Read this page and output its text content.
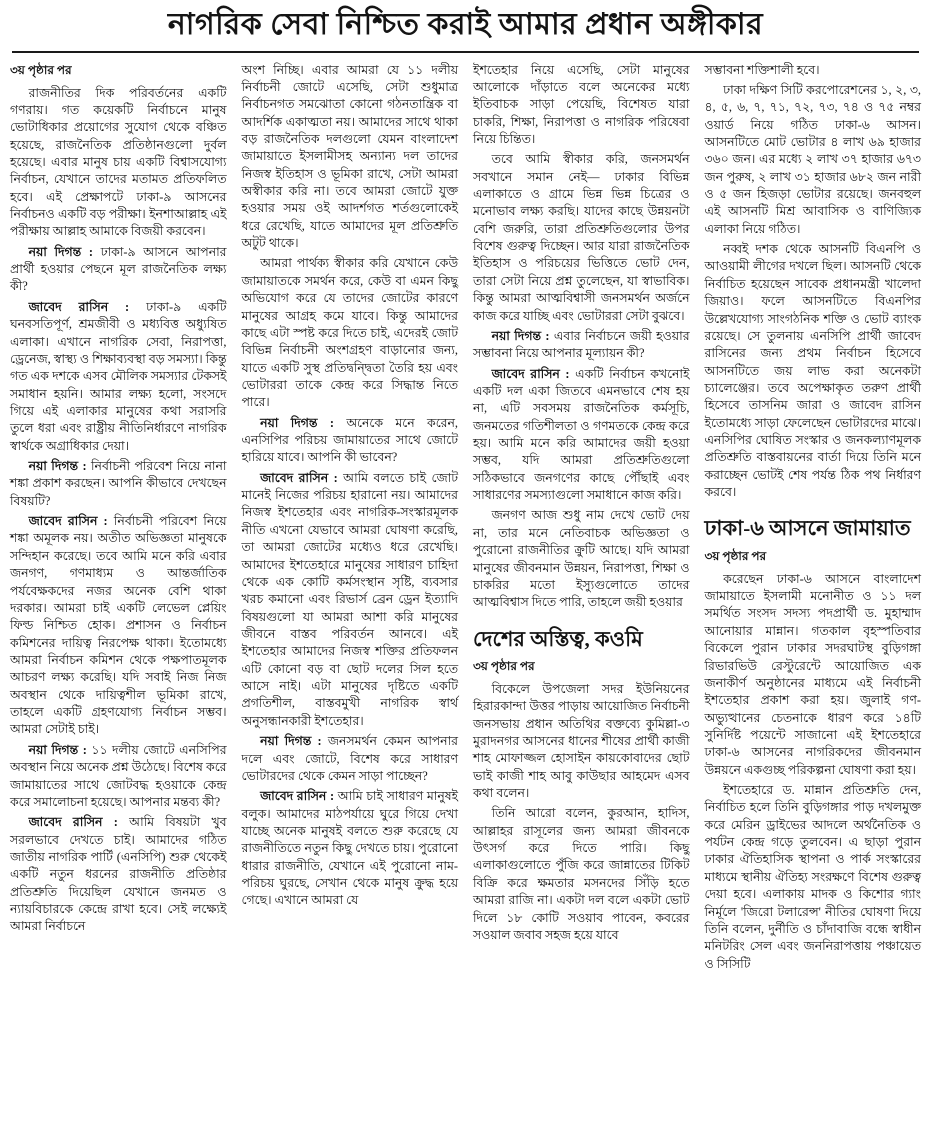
নাগরিক সেবা নিশ্চিত করাই আমার প্রধান অঙ্গীকার

৩য় পৃষ্ঠার পর

রাজনীতির দিক পরিবর্তনের একটি গণরায়। গত কয়েকটি নির্বাচনে মানুষ ভোটাধিকার প্রয়োগের সুযোগ থেকে বঞ্চিত হয়েছে, রাজনৈতিক প্রতিষ্ঠানগুলো দুর্বল হয়েছে। এবার মানুষ চায় একটি বিশ্বাসযোগ্য নির্বাচন, যেখানে তাদের মতামত প্রতিফলিত হবে। এই প্রেক্ষাপটে ঢাকা-৯ আসনের নির্বাচনও একটি বড় পরীক্ষা। ইনশাআল্লাহ এই পরীক্ষায় আল্লাহ আমাকে বিজয়ী করবেন।

নয়া দিগন্ত : ঢাকা-৯ আসনে আপনার প্রার্থী হওয়ার পেছনে মূল রাজনৈতিক লক্ষ্য কী?

জাবেদ রাসিন : ঢাকা-৯ একটি ঘনবসতিপূর্ণ, শ্রমজীবী ও মধ্যবিত্ত অধ্যুষিত এলাকা। এখানে নাগরিক সেবা, নিরাপত্তা, ড্রেনেজ, স্বাস্থ্য ও শিক্ষাব্যবস্থা বড় সমস্যা। কিন্তু গত এক দশকে এসব মৌলিক সমস্যার টেকসই সমাধান হয়নি। আমার লক্ষ্য হলো, সংসদে গিয়ে এই এলাকার মানুষের কথা সরাসরি তুলে ধরা এবং রাষ্ট্রীয় নীতিনির্ধারণে নাগরিক স্বার্থকে অগ্রাধিকার দেয়া।

নয়া দিগন্ত : নির্বাচনী পরিবেশ নিয়ে নানা শঙ্কা প্রকাশ করছেন। আপনি কীভাবে দেখছেন বিষয়টি?

জাবেদ রাসিন : নির্বাচনী পরিবেশ নিয়ে শঙ্কা অমূলক নয়। অতীত অভিজ্ঞতা মানুষকে সন্দিহান করেছে। তবে আমি মনে করি এবার জনগণ, গণমাধ্যম ও আন্তর্জাতিক পর্যবেক্ষকদের নজর অনেক বেশি থাকা দরকার। আমরা চাই একটি লেভেল প্লেয়িং ফিল্ড নিশ্চিত হোক। প্রশাসন ও নির্বাচন কমিশনের দায়িত্ব নিরপেক্ষ থাকা। ইতোমধ্যে আমরা নির্বাচন কমিশন থেকে পক্ষপাতমূলক আচরণ লক্ষ্য করেছি। যদি সবাই নিজ নিজ অবস্থান থেকে দায়িত্বশীল ভূমিকা রাখে, তাহলে একটি গ্রহণযোগ্য নির্বাচন সম্ভব। আমরা সেটাই চাই।

নয়া দিগন্ত : ১১ দলীয় জোটে এনসিপির অবস্থান নিয়ে অনেক প্রশ্ন উঠেছে। বিশেষ করে জামায়াতের সাথে জোটবদ্ধ হওয়াকে কেন্দ্র করে সমালোচনা হয়েছে। আপনার মন্তব্য কী?

জাবেদ রাসিন : আমি বিষয়টা খুব সরলভাবে দেখতে চাই। আমাদের গঠিত জাতীয় নাগরিক পার্টি (এনসিপি) শুরু থেকেই একটি নতুন ধরনের রাজনীতি প্রতিষ্ঠার প্রতিশ্রুতি দিয়েছিল যেখানে জনমত ও ন্যায়বিচারকে কেন্দ্রে রাখা হবে। সেই লক্ষ্যেই আমরা নির্বাচনে

অংশ নিচ্ছি। এবার আমরা যে ১১ দলীয় নির্বাচনী জোটে এসেছি, সেটা শুধুমাত্র নির্বাচনগত সমঝোতা কোনো গঠনতান্ত্রিক বা আদর্শিক একাত্মতা নয়। আমাদের সাথে থাকা বড় রাজনৈতিক দলগুলো যেমন বাংলাদেশ জামায়াতে ইসলামীসহ অন্যান্য দল তাদের নিজস্ব ইতিহাস ও ভূমিকা রাখে, সেটা আমরা অস্বীকার করি না। তবে আমরা জোটে যুক্ত হওয়ার সময় ওই আদর্শগত শর্তগুলোকেই ধরে রেখেছি, যাতে আমাদের মূল প্রতিশ্রুতি অটুট থাকে।

আমরা পার্থক্য স্বীকার করি যেখানে কেউ জামায়াতকে সমর্থন করে, কেউ বা এমন কিছু অভিযোগ করে যে তাদের জোটের কারণে মানুষের আগ্রহ কমে যাবে। কিন্তু আমাদের কাছে এটা স্পষ্ট করে দিতে চাই, এদেরই জোট বিভিন্ন নির্বাচনী অংশগ্রহণ বাড়ানোর জন্য, যাতে একটি সুস্থ প্রতিদ্বন্দ্বিতা তৈরি হয় এবং ভোটাররা তাকে কেন্দ্র করে সিদ্ধান্ত নিতে পারে।

নয়া দিগন্ত : অনেকে মনে করেন, এনসিপির পরিচয় জামায়াতের সাথে জোটে হারিয়ে যাবে। আপনি কী ভাবেন?

জাবেদ রাসিন : আমি বলতে চাই জোট মানেই নিজের পরিচয় হারানো নয়। আমাদের নিজস্ব ইশতেহার এবং নাগরিক-সংস্কারমূলক নীতি এখনো যেভাবে আমরা ঘোষণা করেছি, তা আমরা জোটের মধ্যেও ধরে রেখেছি। আমাদের ইশতেহারে মানুষের সাধারণ চাহিদা থেকে এক কোটি কর্মসংস্থান সৃষ্টি, ব্যবসার খরচ কমানো এবং রিভার্স ব্রেন ড্রেন ইত্যাদি বিষয়গুলো যা আমরা আশা করি মানুষের জীবনে বাস্তব পরিবর্তন আনবে। এই ইশতেহার আমাদের নিজস্ব শক্তির প্রতিফলন এটি কোনো বড় বা ছোট দলের সিল হতে আসে নাই। এটা মানুষের দৃষ্টিতে একটি প্রগতিশীল, বাস্তবমুখী নাগরিক স্বার্থ অনুসন্ধানকারী ইশতেহার।

নয়া দিগন্ত : জনসমর্থন কেমন আপনার দলে এবং জোটে, বিশেষ করে সাধারণ ভোটারদের থেকে কেমন সাড়া পাচ্ছেন?

জাবেদ রাসিন : আমি চাই সাধারণ মানুষই বলুক। আমাদের মাঠপর্যায়ে ঘুরে গিয়ে দেখা যাচ্ছে অনেক মানুষই বলতে শুরু করেছে যে রাজনীতিতে নতুন কিছু দেখতে চায়। পুরোনো ধারার রাজনীতি, যেখানে এই পুরোনো নাম-পরিচয় ঘুরছে, সেখান থেকে মানুষ ক্রুদ্ধ হয়ে গেছে। এখানে আমরা যে

ইশতেহার নিয়ে এসেছি, সেটা মানুষের আলোকে দাঁড়াতে বলে অনেকের মধ্যে ইতিবাচক সাড়া পেয়েছি, বিশেষত যারা চাকরি, শিক্ষা, নিরাপত্তা ও নাগরিক পরিষেবা নিয়ে চিন্তিত।

তবে আমি স্বীকার করি, জনসমর্থন সবখানে সমান নেই— ঢাকার বিভিন্ন এলাকাতে ও গ্রামে ভিন্ন ভিন্ন চিত্রের ও মনোভাব লক্ষ্য করছি। যাদের কাছে উন্নয়নটা বেশি জরুরি, তারা প্রতিশ্রুতিগুলোর উপর বিশেষ গুরুত্ব দিচ্ছেন। আর যারা রাজনৈতিক ইতিহাস ও পরিচয়ের ভিত্তিতে ভোট দেন, তারা সেটা নিয়ে প্রশ্ন তুলেছেন, যা স্বাভাবিক। কিন্তু আমরা আত্মবিশ্বাসী জনসমর্থন অর্জনে কাজ করে যাচ্ছি এবং ভোটাররা সেটা বুঝবে।

নয়া দিগন্ত : এবার নির্বাচনে জয়ী হওয়ার সম্ভাবনা নিয়ে আপনার মূল্যায়ন কী?

জাবেদ রাসিন : একটি নির্বাচন কখনোই একটি দল একা জিতবে এমনভাবে শেষ হয় না, এটি সবসময় রাজনৈতিক কর্মসূচি, জনমতের গতিশীলতা ও গণমতকে কেন্দ্র করে হয়। আমি মনে করি আমাদের জয়ী হওয়া সম্ভব, যদি আমরা প্রতিশ্রুতিগুলো সঠিকভাবে জনগণের কাছে পৌঁছাই এবং সাধারণের সমস্যাগুলো সমাধানে কাজ করি।

জনগণ আজ শুধু নাম দেখে ভোট দেয় না, তার মনে নেতিবাচক অভিজ্ঞতা ও পুরোনো রাজনীতির ক্রুটি আছে। যদি আমরা মানুষের জীবনমান উন্নয়ন, নিরাপত্তা, শিক্ষা ও চাকরির মতো ইস্যুগুলোতে তাদের আত্মবিশ্বাস দিতে পারি, তাহলে জয়ী হওয়ার

দেশের অস্তিত্ব, কওমি

৩য় পৃষ্ঠার পর

বিকেলে উপজেলা সদর ইউনিয়নের হিরারকান্দা উত্তর পাড়ায় আয়োজিত নির্বাচনী জনসভায় প্রধান অতিথির বক্তব্যে কুমিল্লা-৩ মুরাদনগর আসনের ধানের শীষের প্রার্থী কাজী শাহ মোফাজ্জল হোসাইন কায়কোবাদের ছোট ভাই কাজী শাহ আবু কাউছার আহমেদ এসব কথা বলেন।

তিনি আরো বলেন, কুরআন, হাদিস, আল্লাহর রাসূলের জন্য আমরা জীবনকে উৎসর্গ করে দিতে পারি। কিছু এলাকাগুলোতে পুঁজি করে জান্নাতের টিকিট বিক্রি করে ক্ষমতার মসনদের সিঁড়ি হতে আমরা রাজি না। একটা দল বলে একটা ভোট দিলে ১৮ কোটি সওয়াব পাবেন, কবরের সওয়াল জবাব সহজ হয়ে যাবে

সম্ভাবনা শক্তিশালী হবে।

ঢাকা দক্ষিণ সিটি করপোরেশনের ১, ২, ৩, ৪, ৫, ৬, ৭, ৭১, ৭২, ৭৩, ৭৪ ও ৭৫ নম্বর ওয়ার্ড নিয়ে গঠিত ঢাকা-৬ আসন। আসনটিতে মোট ভোটার ৪ লাখ ৬৯ হাজার ৩৬০ জন। এর মধ্যে ২ লাখ ৩৭ হাজার ৬৭৩ জন পুরুষ, ২ লাখ ৩১ হাজার ৬৮২ জন নারী ও ৫ জন হিজড়া ভোটার রয়েছে। জনবহুল এই আসনটি মিশ্র আবাসিক ও বাণিজ্যিক এলাকা নিয়ে গঠিত।

নব্বই দশক থেকে আসনটি বিএনপি ও আওয়ামী লীগের দখলে ছিল। আসনটি থেকে নির্বাচিত হয়েছেন সাবেক প্রধানমন্ত্রী খালেদা জিয়াও। ফলে আসনটিতে বিএনপির উল্লেখযোগ্য সাংগঠনিক শক্তি ও ভোট ব্যাংক রয়েছে। সে তুলনায় এনসিপি প্রার্থী জাবেদ রাসিনের জন্য প্রথম নির্বাচন হিসেবে আসনটিতে জয় লাভ করা অনেকটা চ্যালেঞ্জের। তবে অপেক্ষাকৃত তরুণ প্রার্থী হিসেবে তাসনিম জারা ও জাবেদ রাসিন ইতোমধ্যে সাড়া ফেলেছেন ভোটারদের মাঝে। এনসিপির ঘোষিত সংস্কার ও জনকল্যাণমূলক প্রতিশ্রুতি বাস্তবায়নের বার্তা দিয়ে তিনি মনে করাচ্ছেন ভোটই শেষ পর্যন্ত ঠিক পথ নির্ধারণ করবে।

ঢাকা-৬ আসনে জামায়াত

৩য় পৃষ্ঠার পর

করেছেন ঢাকা-৬ আসনে বাংলাদেশ জামায়াতে ইসলামী মনোনীত ও ১১ দল সমর্থিত সংসদ সদস্য পদপ্রার্থী ড. মুহাম্মাদ আনোয়ার মান্নান। গতকাল বৃহস্পতিবার বিকেলে পুরান ঢাকার সদরঘাটস্থ বুড়িগঙ্গা রিভারভিউ রেস্টুরেন্টে আয়োজিত এক জনাকীর্ণ অনুষ্ঠানের মাধ্যমে এই নির্বাচনী ইশতেহার প্রকাশ করা হয়। জুলাই গণ-অভ্যুত্থানের চেতনাকে ধারণ করে ১৪টি সুনির্দিষ্ট পয়েন্টে সাজানো এই ইশতেহারে ঢাকা-৬ আসনের নাগরিকদের জীবনমান উন্নয়নে একগুচ্ছ পরিকল্পনা ঘোষণা করা হয়।

ইশতেহারে ড. মান্নান প্রতিশ্রুতি দেন, নির্বাচিত হলে তিনি বুড়িগঙ্গার পাড় দখলমুক্ত করে মেরিন ড্রাইভের আদলে অর্থনৈতিক ও পর্যটন কেন্দ্র গড়ে তুলবেন। এ ছাড়া পুরান ঢাকার ঐতিহাসিক স্থাপনা ও পার্ক সংস্কারের মাধ্যমে স্থানীয় ঐতিহ্য সংরক্ষণে বিশেষ গুরুত্ব দেয়া হবে। এলাকায় মাদক ও কিশোর গ্যাং নির্মূলে 'জিরো টলারেন্স' নীতির ঘোষণা দিয়ে তিনি বলেন, দুর্নীতি ও চাঁদাবাজি বন্ধে স্বাধীন মনিটরিং সেল এবং জননিরাপত্তায় পঞ্চায়েত ও সিসিটি
